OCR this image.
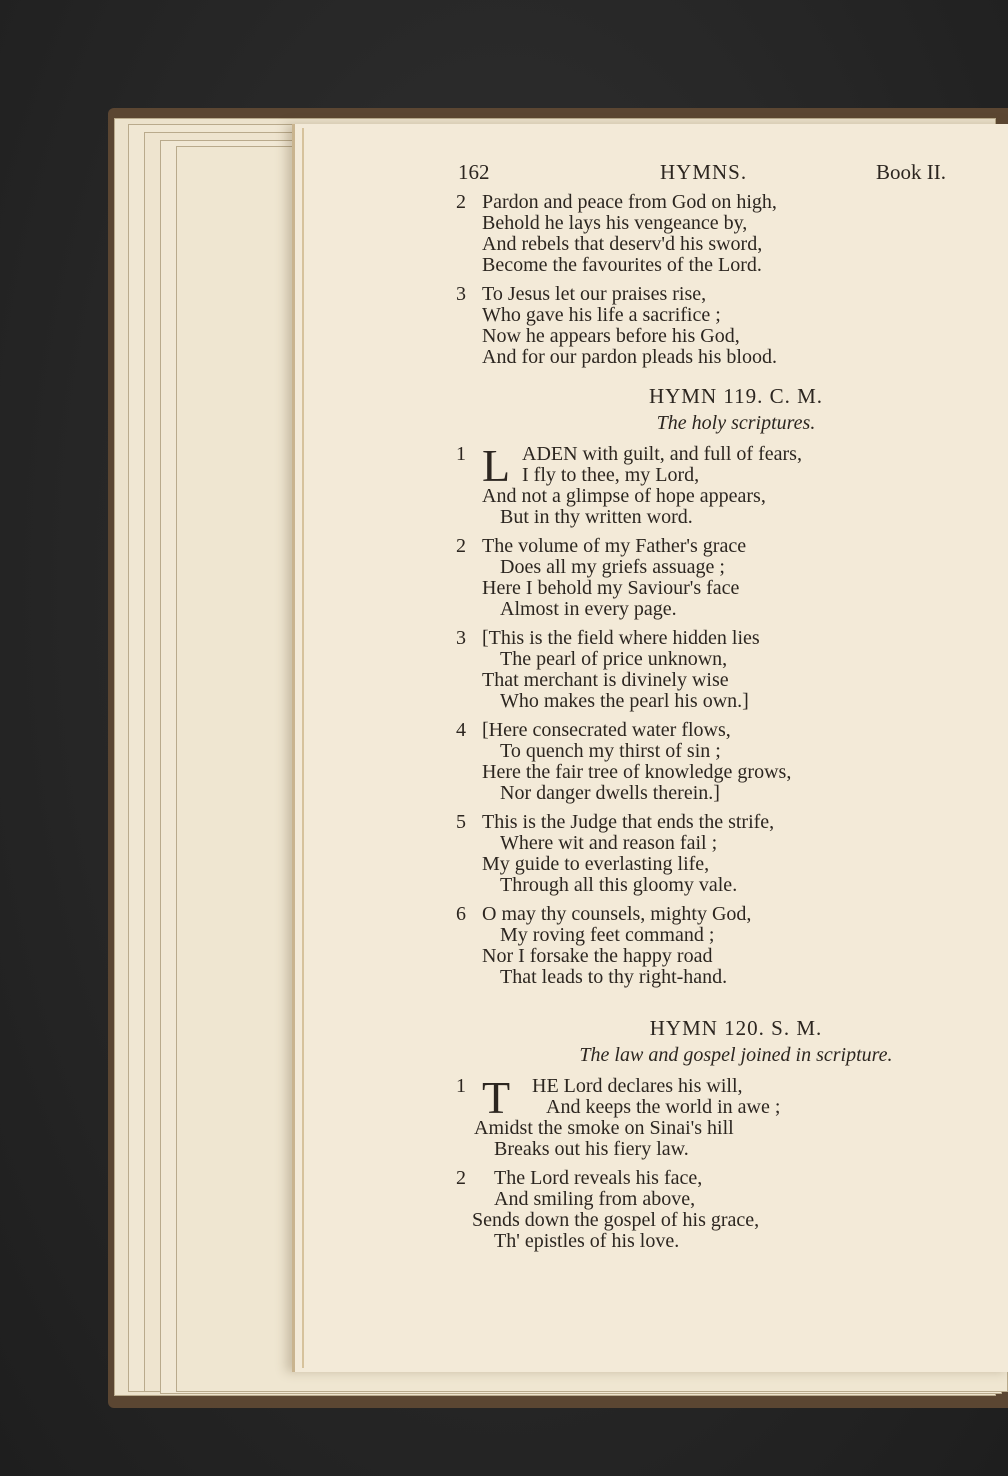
162	HYMNS.	Book II.
2 Pardon and peace from God on high,
Behold he lays his vengeance by,
And rebels that deserv'd his sword,
Become the favourites of the Lord.
3 To Jesus let our praises rise,
Who gave his life a sacrifice ;
Now he appears before his God,
And for our pardon pleads his blood.
HYMN 119. C. M.
The holy scriptures.
1 L ADEN with guilt, and full of fears,
I fly to thee, my Lord,
And not a glimpse of hope appears,
But in thy written word.
2 The volume of my Father's grace
Does all my griefs assuage ;
Here I behold my Saviour's face
Almost in every page.
3 [This is the field where hidden lies
The pearl of price unknown,
That merchant is divinely wise
Who makes the pearl his own.]
4 [Here consecrated water flows,
To quench my thirst of sin ;
Here the fair tree of knowledge grows,
Nor danger dwells therein.]
5 This is the Judge that ends the strife,
Where wit and reason fail ;
My guide to everlasting life,
Through all this gloomy vale.
6 O may thy counsels, mighty God,
My roving feet command ;
Nor I forsake the happy road
That leads to thy right-hand.
HYMN 120. S. M.
The law and gospel joined in scripture.
1 T	HE Lord declares his will,
And keeps the world in awe ;
Amidst the smoke on Sinai's hill
Breaks out his fiery law.
2	The Lord reveals his face,
And smiling from above,
Sends down the gospel of his grace,
Th' epistles of his love.
